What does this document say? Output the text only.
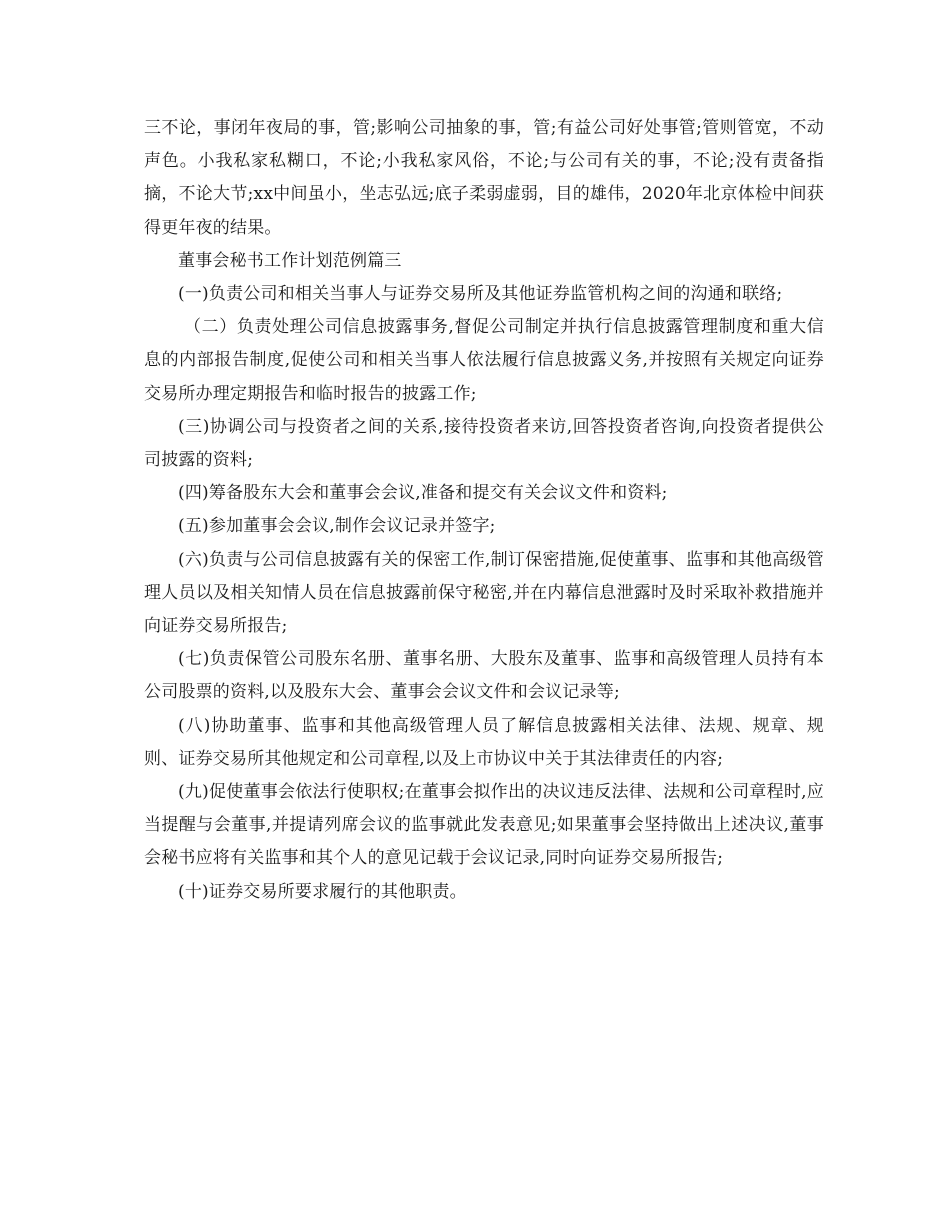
三不论，事闭年夜局的事，管;影响公司抽象的事，管;有益公司好处事管;管则管宽，不动声色。小我私家私糊口，不论;小我私家风俗，不论;与公司有关的事，不论;没有责备指摘，不论大节;xx中间虽小，坐志弘远;底子柔弱虚弱，目的雄伟，2020年北京体检中间获得更年夜的结果。

董事会秘书工作计划范例篇三

(一)负责公司和相关当事人与证券交易所及其他证券监管机构之间的沟通和联络;

（二）负责处理公司信息披露事务,督促公司制定并执行信息披露管理制度和重大信息的内部报告制度,促使公司和相关当事人依法履行信息披露义务,并按照有关规定向证券交易所办理定期报告和临时报告的披露工作;

(三)协调公司与投资者之间的关系,接待投资者来访,回答投资者咨询,向投资者提供公司披露的资料;

(四)筹备股东大会和董事会会议,准备和提交有关会议文件和资料;

(五)参加董事会会议,制作会议记录并签字;

(六)负责与公司信息披露有关的保密工作,制订保密措施,促使董事、监事和其他高级管理人员以及相关知情人员在信息披露前保守秘密,并在内幕信息泄露时及时采取补救措施并向证券交易所报告;

(七)负责保管公司股东名册、董事名册、大股东及董事、监事和高级管理人员持有本公司股票的资料,以及股东大会、董事会会议文件和会议记录等;

(八)协助董事、监事和其他高级管理人员了解信息披露相关法律、法规、规章、规则、证券交易所其他规定和公司章程,以及上市协议中关于其法律责任的内容;

(九)促使董事会依法行使职权;在董事会拟作出的决议违反法律、法规和公司章程时,应当提醒与会董事,并提请列席会议的监事就此发表意见;如果董事会坚持做出上述决议,董事会秘书应将有关监事和其个人的意见记载于会议记录,同时向证券交易所报告;

(十)证券交易所要求履行的其他职责。
